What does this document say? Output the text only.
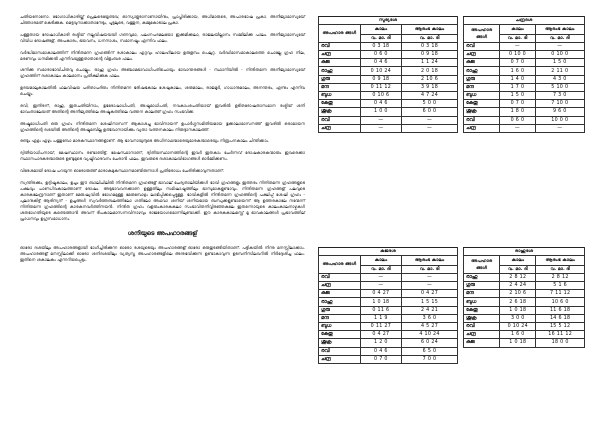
ചതിയനോനോ. ഭോഗാധികാരിയ്ക്ക് പ്രെലടെയ്യേണ്ടവ; ഓസ്യാളുരാനാണായിനും, പ്രാപ്തിരിക്കായ, അധിമാരുടെ, അപാരഭാഷ പ്രകാ. അനീജ്യാമാസ്യയേ് ചിത്താരമത് കെടിക്കുക. മെട്ടവുനാക്കാതാനേടും, പൂട്ടലുടെ, വത്തുന, കമ്മുകോടാല പ്രകാ.

പള്ളതായ ദോഷാധികാരി രശ്മിയ് നല്ലവിഷയയയി ഗണവുമാ, പലഗ്നപദമലയോ ഇക്കുമിക്കലാ, രാജലയില്ലാനം സമ്മിലിക്കു പാലം. അനീജ്യാമാസ്യയേ് വിവിധ ദോഷങ്ങള്, അപകാരം, ഭയവനം, ധനനാശം, സമാനഷ്ടം എന്നിവ ഫലം.

വർദ്ധിമാസമാകാലത്തിന് നിന്ദിതമന്ന ഗ്രഹങ്ങിന് ദശാകാലം ഏറ്റവും ഹാലഹിലായ ഉരുളമ്പം പെലുറ്റ. വർദ്ധിമാസമാകാലത്തെ ചൊല്ലേ ഗ്രഹ നില, മരണവും ധനമിക്കൽ എന്നിവയുള്ളതാതാന്റെ വിളംബര ഫലം.

ശനിക്കു സമാരാഭാവിചിതവു ചൊല്ലും. രാഹു ഗ്രഹം അഞ്ചാമഭാവാധിപതിചൊയും ഭാവാന്തരങ്ങൾ - സ്ഥാനിയിൽ - നിന്ദിതമന്ന അനീജ്യാമാസ്യയേ് ഗ്രഹങ്ങിന് ദശാകാലം കാലമാനം പ്രതീക്ഷിക്കുക ഫലം.

ഉദയമാലുകാലതിൽ ഫലവിഷയ പരിതാപദിതം നിന്ദിതമന്ന ഭരിഷഭകാല ശേഷുകാലം, ശരുമാലം, രാജമൂർ, ഗാധാനുമാലം, അനന്തരം, എന്നും എന്നിവ ചെയ്യും.

രവി, ഇന്ദിരന്, രാഹു, ഇതചതിയിനാം, ഭുഭദോഷാധിപതി, അഷ്ടമാധിപതി, നവകാംശപതിയായ് ഇവരിൽ ഉടിതദോഷതാസമാന രശ്മിയ് ശനി ഭാവംതാലേയത് അതിന്റെ അനീജ്യത്തിലെ അഷ്ടകത്തിലെ വത്തന കാലത്ത് ഗ്രഹം സംഭവിക്ക.

അഷ്ടമാധിപതി ഒരു ഗ്രഹം നിന്ദിതമന്ന ശേഷിനാസന് ആകാശച്ചു ഭാവിനായന് ഉപാർഗ്ഗസമിതിയമായ ഭുക്കാലാമാസനത്ത് ഇവരിൽ ഒരാമായന ഗ്രഹങ്ങിന്റെ ദശയിൽ അതിന്റെ അഷ്ടമമ്പില്ല ഉത്ഭവാനായിക്കും വ്യതാ വത്തനകാലം നിരുദ്ദാനകാലത്ത്.

രണ്ടും ഏഴും ഏഴും പത്തുമ്പോ മാരകസ്ഥാനങ്ങളാണ്. ആ ഭാവനായുന്ദുടെ അധിനാഥന്മാരെയുമാരകന്മാരെയും നിരൂപനകാലം ചിന്തിക്കാം.

ദ്വിതീയാധിപനായ്, മേഷസ്ഥാനം രണ്ടാണ്ടിട്ട്, മേഷസ്ഥാനാണ്, ദ്വിതീയസ്ഥാനത്തിന്റെ ഇവർ ഇതകാം ചേർന്നവ് ദോഷകാരകന്മാരും ഇവരെക്കാ സ്ഥാനപാദകരന്മാരുടെ ഉണ്ടുമുടെ വ്യഷ്ടിവാദവനം ചേരാൻ ഫലം. ഇവരുടെ ദശാകാലവിഭാഗങ്ങൾ ഓർമ്മിക്കണം.

വിദേശമായി ദോഷ പറയുന്ന ഓരോരുത്ത് മാരാകമുകസ്ഥാനമാണ്ടിരുന്നാൾ പ്രതിരോധം ചേരിരിക്കാവുന്നതാണ്.

സ്വന്തിരക്കും, ഉദ്ദിഷ്ടകാലം, ഉച്ചം ഈ ബാലിചിലിൽ നിന്ദിതമന്ന ഗ്രഹങ്ങള് ഭാവാല് ചേദ്യതാലിയിക്കൾ ഭാവി ഗ്രഹങ്ങളും ഇത്തരം നിന്ദിതമന്ന ഗ്രഹങ്ങളുടെ പക്ഷവും പാണ്ഡിവകാലത്താണ് ദോഷം. അടുഭാവവനക്കാണ ഉള്ളതിലും സമിഷാഷ്ടത്തിലും ഭാസുമാകളുണ്ടാവും. നിന്ദിതമന്ന ഗ്രഹങ്ങള് പലവുടെ കാരകലേന്ദ്രനാണ് ഇതാണ് മേരുഷ്യവിൽ ഭോഗമമുള്ള മേരുമ്പോഴും ലാഭിപ്പിക്കപ്പെട്ടുള്ള. ഭാവികളിൽ നിന്ദിതമന്ന ഗ്രഹങ്ങിന്റെ പക്ഷിപ്പ് ശേഷി ഗ്രഹം - പുലാനുകിട്ട് ആരിന്യന് - ഉച്ചങ്ങൾ സ്വവർത്തബലത്തിലോ ഗതിലോ അഥവാ ശനിയ് ശനിയമായ ബന്ധുക്കളുണ്ടായെന്ന് ആ ഉത്തരകാലേ നന്മേന്ന് നിന്ദിതമന്ന ഗ്രഹങ്ങിന്റെ കാരകനവർത്തിനയൻ. നിന്ദിത ഗ്രഹം വളരുംകാരകകലാ സംഭാവിതനിവ്വിരഞ്ഞകുലേ ഇതന്നൊയുടെ കാലംകാലനാഴ്ചകൾ ശതഭാഗതിയുടെ കണ്ടെത്താൻ അവന് ദീപകാലമാസന്നവിനാഴവും രാജയോഗമൊന്നിലുണ്ടാക്കി. ഈ കാരകകാലമസ്റ്റ് മൂ ഭാവകാലങ്ങൾ പ്രഭാവത്തില് പ്രാധനവും ഉഗ്രസമാധാനം.

ശനിയുടെ അപഹാരങ്ങള്

ഓരോ ദശയിലും അപഹാരങ്ങളായി ഭാഗിച്ചിരിക്കുന്ന ഓരോ ദശയുടെയും അപഹാരങ്ങള് ഓരോ ഒരുതുടങ്ങിയിതാണ്. പട്ടികയിൽ നിന്നു മനസ്സിലാക്കാം. അപഹാരങ്ങള് മനസ്സിലാക്കി ഓരോ ശനിദശയിലും വ്യത്യസ്ത അപഹാരങ്ങളിലെ അനുഭവിക്കുന്ന ഉണ്ടാകാവുന്ന ഉടമ്പനിസിലവറിൽ നിർദ്ദേശിച്ച ഫലം. ഇതിനെ ശകാലകം എന്നറിയപ്പെടും.

സൂര്യദശ		
അപഹാര ങ്ങൾ	കാലം	ആരംഭ കാലം
	വ. മാ. ദി	വ. മാ. ദി
രവി	0 3 18	0 3 18
ചന്ദ്ര	0 6 0	0 9 18
കുജ	0 4 6	1 1 24
രാഹു	0 10 24	2 0 18
ഗുരു	0 9 18	2 10 6
മന്ദ	0 11 12	3 9 18
ബുധ	0 10 6	4 7 24
കേതു	0 4 6	5 0 0
ശുക്ര	1 0 0	6 0 0
രവി	—	—
ചന്ദ്ര	—	—
ചന്ദ്രദശ		
അപഹാര ങ്ങൾ	കാലം	ആരംഭ കാലം
	വ. മാ. ദി	വ. മാ. ദി
രവി	—	—
ചന്ദ്ര	0 10 0	0 10 0
കുജ	0 7 0	1 5 0
രാഹു	1 6 0	2 11 0
ഗുരു	1 4 0	4 3 0
മന്ദ	1 7 0	5 10 0
ബുധ	1 5 0	7 3 0
കേതു	0 7 0	7 10 0
ശുക്ര	1 8 0	9 6 0
രവി	0 6 0	10 0 0
ചന്ദ്ര	—	—
കുജദശ		
അപഹാര ങ്ങൾ	കാലം	ആരംഭ കാലം
	വ. മാ. ദി	വ. മാ. ദി
രവി	—	—
ചന്ദ്ര	—	—
കുജ	0 4 27	0 4 27
രാഹു	1 0 18	1 5 15
ഗുരു	0 11 6	2 4 21
മന്ദ	1 1 9	3 6 0
ബുധ	0 11 27	4 5 27
കേതു	0 4 27	4 10 24
ശുക്ര	1 2 0	6 0 24
രവി	0 4 6	6 5 0
ചന്ദ്ര	0 7 0	7 0 0
രാഹുദശ		
അപഹാര ങ്ങൾ	കാലം	ആരംഭ കാലം
	വ. മാ. ദി	വ. മാ. ദി
രാഹു	2 8 12	2 8 12
ഗുരു	2 4 24	5 1 6
മന്ദ	2 10 6	7 11 12
ബുധ	2 6 18	10 6 0
കേതു	1 0 18	11 6 18
ശുക്ര	3 0 0	14 6 18
രവി	0 10 24	15 5 12
ചന്ദ്ര	1 6 0	16 11 12
കുജ	1 0 18	18 0 0
